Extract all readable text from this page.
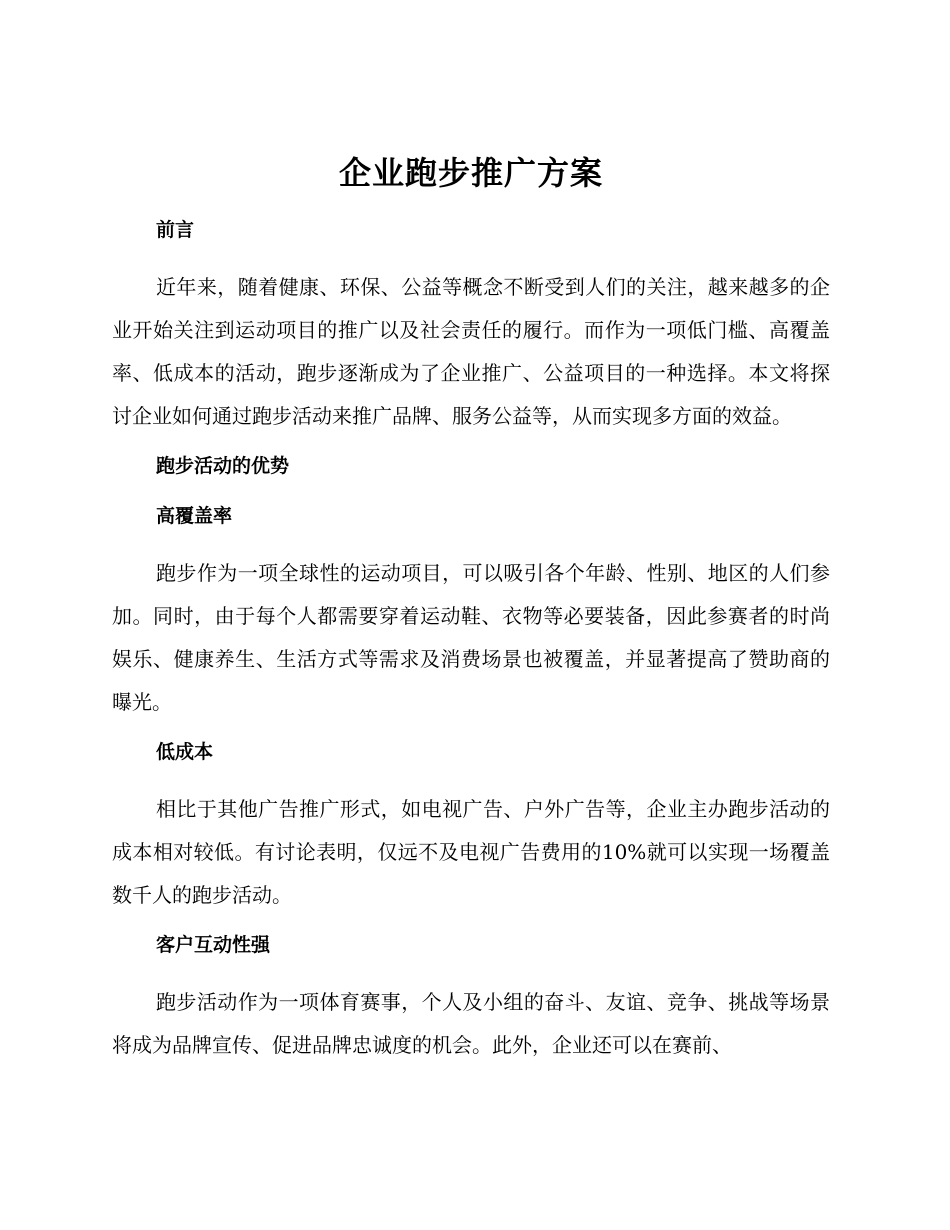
企业跑步推广方案
前言

近年来，随着健康、环保、公益等概念不断受到人们的关注，越来越多的企业开始关注到运动项目的推广以及社会责任的履行。而作为一项低门槛、高覆盖率、低成本的活动，跑步逐渐成为了企业推广、公益项目的一种选择。本文将探讨企业如何通过跑步活动来推广品牌、服务公益等，从而实现多方面的效益。

跑步活动的优势
高覆盖率

跑步作为一项全球性的运动项目，可以吸引各个年龄、性别、地区的人们参加。同时，由于每个人都需要穿着运动鞋、衣物等必要装备，因此参赛者的时尚娱乐、健康养生、生活方式等需求及消费场景也被覆盖，并显著提高了赞助商的曝光。

低成本

相比于其他广告推广形式，如电视广告、户外广告等，企业主办跑步活动的成本相对较低。有讨论表明，仅远不及电视广告费用的10%就可以实现一场覆盖数千人的跑步活动。

客户互动性强

跑步活动作为一项体育赛事，个人及小组的奋斗、友谊、竞争、挑战等场景将成为品牌宣传、促进品牌忠诚度的机会。此外，企业还可以在赛前、
